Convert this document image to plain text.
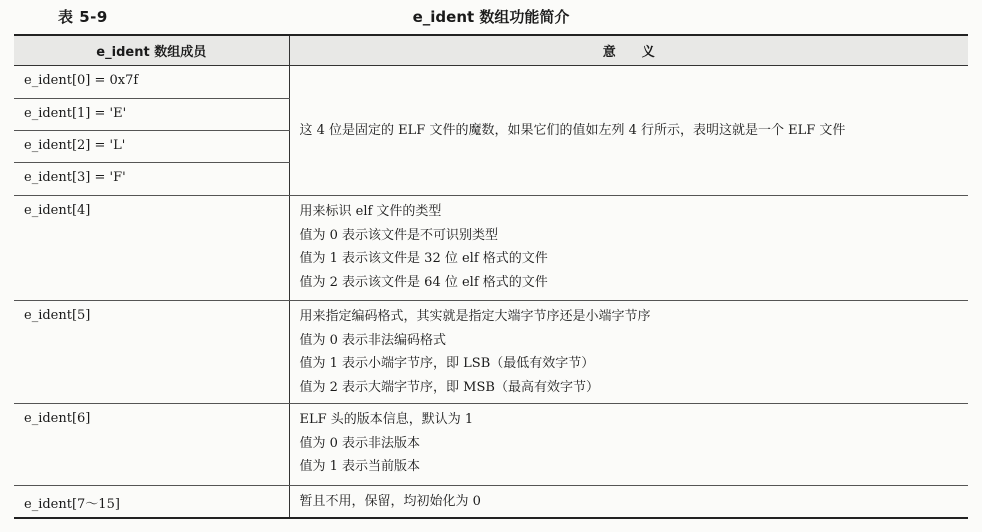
表 5-9	e_ident 数组功能简介
e_ident 数组成员	意　　义
e_ident[0] = 0x7f	这 4 位是固定的 ELF 文件的魔数，如果它们的值如左列 4 行所示，表明这就是一个 ELF 文件

e_ident[1] = 'E'	
e_ident[2] = 'L'	
e_ident[3] = 'F'	
e_ident[4]	用来标识 elf 文件的类型
值为 0 表示该文件是不可识别类型
值为 1 表示该文件是 32 位 elf 格式的文件
值为 2 表示该文件是 64 位 elf 格式的文件

e_ident[5]	用来指定编码格式，其实就是指定大端字节序还是小端字节序
值为 0 表示非法编码格式
值为 1 表示小端字节序，即 LSB（最低有效字节）
值为 2 表示大端字节序，即 MSB（最高有效字节）

e_ident[6]	ELF 头的版本信息，默认为 1
值为 0 表示非法版本
值为 1 表示当前版本

e_ident[7～15]	暂且不用，保留，均初始化为 0
